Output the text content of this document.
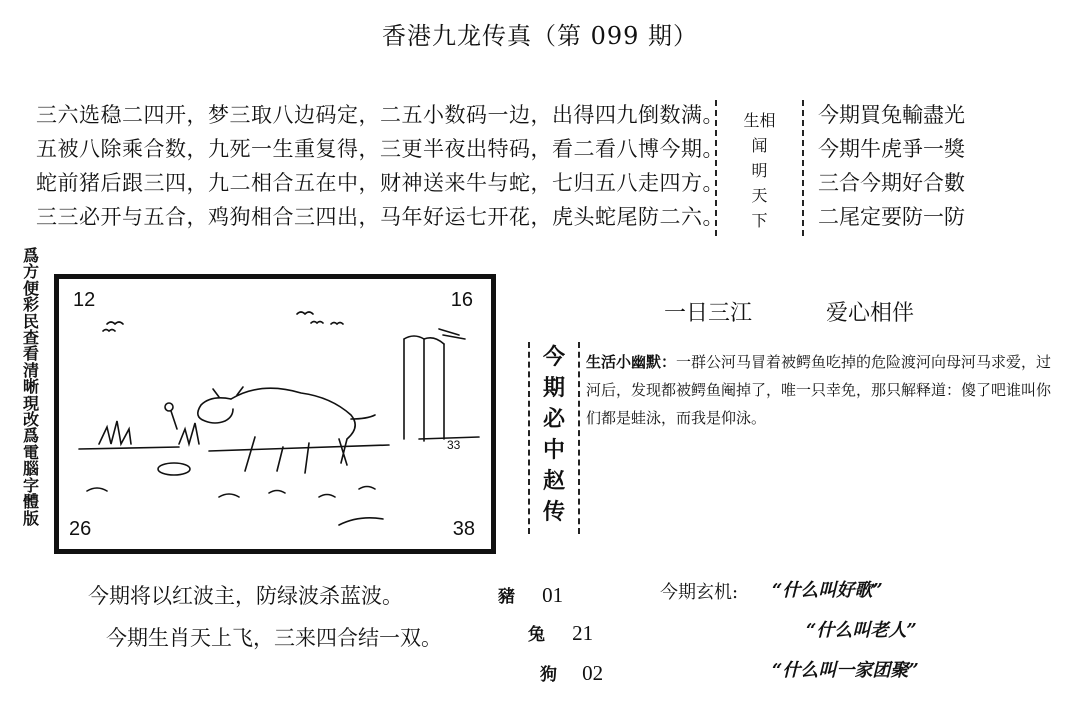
香港九龙传真（第 099 期）
三六选稳二四开，梦三取八边码定，二五小数码一边，出得四九倒数满。
五被八除乘合数，九死一生重复得，三更半夜出特码，看二看八博今期。
蛇前猪后跟三四，九二相合五在中，财神送来牛与蛇，七归五八走四方。
三三必开与五合，鸡狗相合三四出，马年好运七开花，虎头蛇尾防二六。
生相
闻
明
天
下
今期買兔輸盡光
今期牛虎爭一獎
三合今期好合數
二尾定要防一防
爲
方
便
彩
民
查
看
清
晰
現
改
爲
電
腦
字
體
版
12	16
26	38
33
一日三江	爱心相伴
今
期
必
中
赵
传
生活小幽默：一群公河马冒着被鳄鱼吃掉的危险渡河向母河马求爱，过河后，发现都被鳄鱼阉掉了，唯一只幸免，那只解释道：傻了吧谁叫你们都是蛙泳，而我是仰泳。
今期将以红波主，防绿波杀蓝波。
今期生肖天上飞，三来四合结一双。
豬 01
兔 21
狗 02
今期玄机: “什么叫好歌”
“什么叫老人”
“什么叫一家团聚”
